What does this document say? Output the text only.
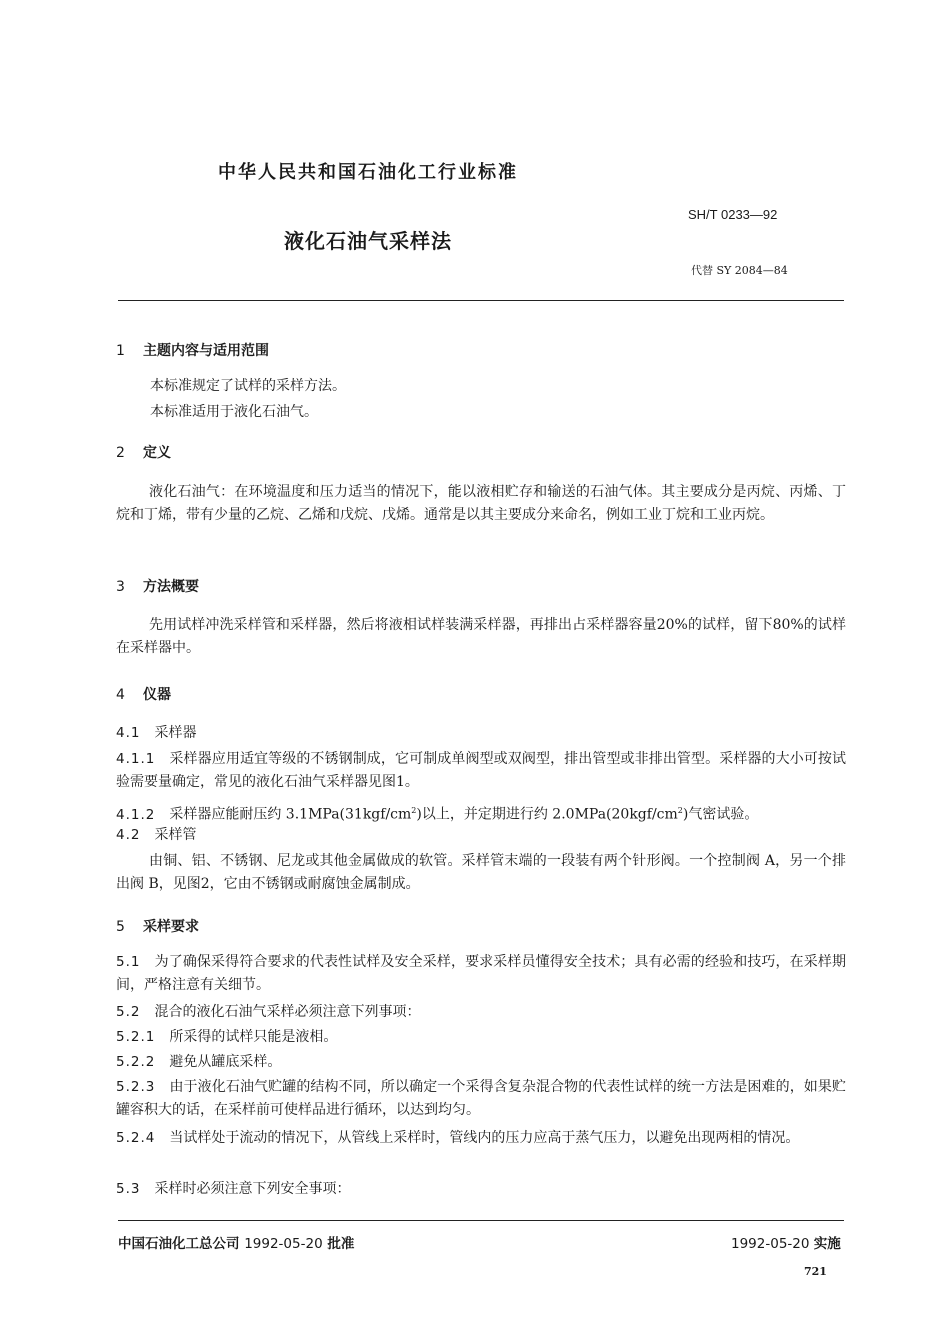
中华人民共和国石油化工行业标准
SH/T 0233—92
液化石油气采样法
代替 SY 2084—84
1 主题内容与适用范围
本标准规定了试样的采样方法。
本标准适用于液化石油气。
2 定义
液化石油气：在环境温度和压力适当的情况下，能以液相贮存和输送的石油气体。其主要成分是丙烷、丙烯、丁烷和丁烯，带有少量的乙烷、乙烯和戊烷、戊烯。通常是以其主要成分来命名，例如工业丁烷和工业丙烷。
3 方法概要
先用试样冲洗采样管和采样器，然后将液相试样装满采样器，再排出占采样器容量20%的试样，留下80%的试样在采样器中。
4 仪器
4.1 采样器
4.1.1 采样器应用适宜等级的不锈钢制成，它可制成单阀型或双阀型，排出管型或非排出管型。采样器的大小可按试验需要量确定，常见的液化石油气采样器见图1。
4.1.2 采样器应能耐压约 $3.1MPa(31kgf/cm^2)$以上，并定期进行约 $2.0MPa(20kgf/cm^2)$气密试验。
4.2 采样管
由铜、铝、不锈钢、尼龙或其他金属做成的软管。采样管末端的一段装有两个针形阀。一个控制阀 A，另一个排出阀 B，见图2，它由不锈钢或耐腐蚀金属制成。
5 采样要求
5.1 为了确保采得符合要求的代表性试样及安全采样，要求采样员懂得安全技术；具有必需的经验和技巧，在采样期间，严格注意有关细节。
5.2 混合的液化石油气采样必须注意下列事项：
5.2.1 所采得的试样只能是液相。
5.2.2 避免从罐底采样。
5.2.3 由于液化石油气贮罐的结构不同，所以确定一个采得含复杂混合物的代表性试样的统一方法是困难的，如果贮罐容积大的话，在采样前可使样品进行循环，以达到均匀。
5.2.4 当试样处于流动的情况下，从管线上采样时，管线内的压力应高于蒸气压力，以避免出现两相的情况。
5.3 采样时必须注意下列安全事项：
中国石油化工总公司 1992-05-20 批准	1992-05-20 实施
721
